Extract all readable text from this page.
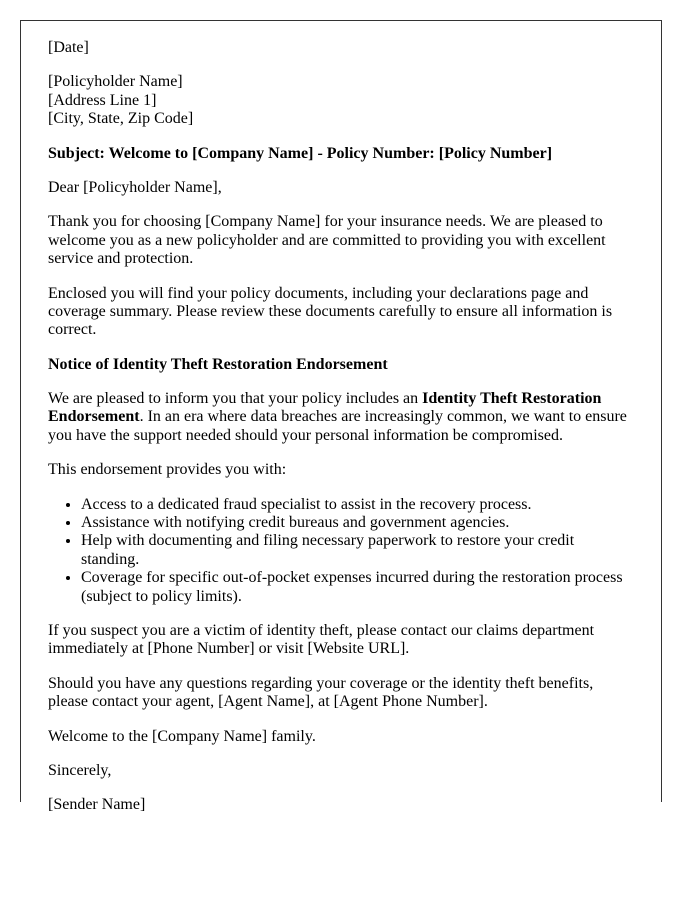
[Date]

[Policyholder Name]
[Address Line 1]
[City, State, Zip Code]

Subject: Welcome to [Company Name] - Policy Number: [Policy Number]

Dear [Policyholder Name],

Thank you for choosing [Company Name] for your insurance needs. We are pleased to welcome you as a new policyholder and are committed to providing you with excellent service and protection.

Enclosed you will find your policy documents, including your declarations page and coverage summary. Please review these documents carefully to ensure all information is correct.

Notice of Identity Theft Restoration Endorsement

We are pleased to inform you that your policy includes an Identity Theft Restoration Endorsement. In an era where data breaches are increasingly common, we want to ensure you have the support needed should your personal information be compromised.

This endorsement provides you with:

• Access to a dedicated fraud specialist to assist in the recovery process.
• Assistance with notifying credit bureaus and government agencies.
• Help with documenting and filing necessary paperwork to restore your credit standing.
• Coverage for specific out-of-pocket expenses incurred during the restoration process (subject to policy limits).

If you suspect you are a victim of identity theft, please contact our claims department immediately at [Phone Number] or visit [Website URL].

Should you have any questions regarding your coverage or the identity theft benefits, please contact your agent, [Agent Name], at [Agent Phone Number].

Welcome to the [Company Name] family.

Sincerely,

[Sender Name]
